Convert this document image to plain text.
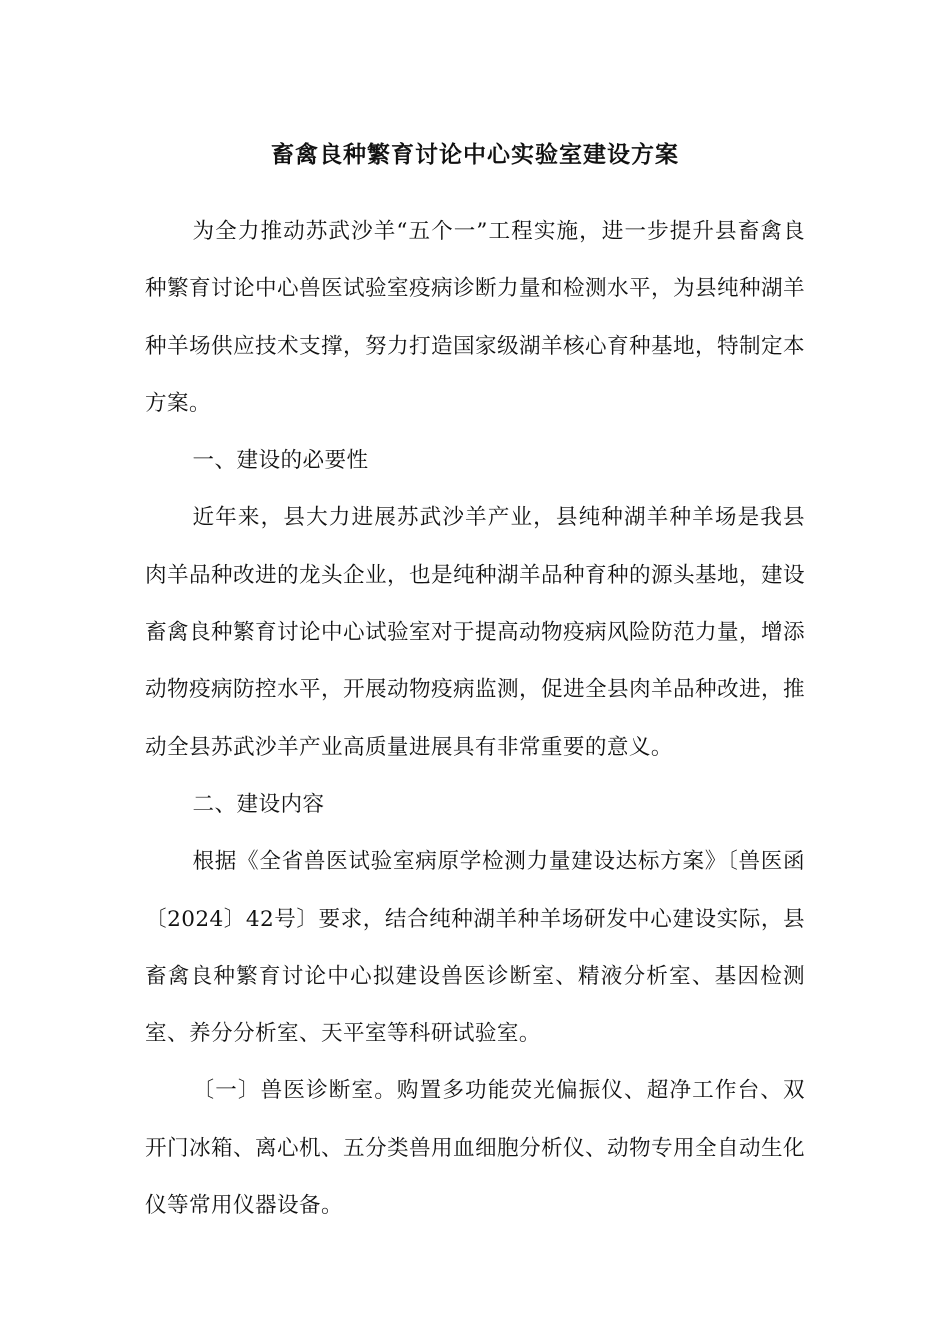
畜禽良种繁育讨论中心实验室建设方案

为全力推动苏武沙羊“五个一”工程实施，进一步提升县畜禽良种繁育讨论中心兽医试验室疫病诊断力量和检测水平，为县纯种湖羊种羊场供应技术支撑，努力打造国家级湖羊核心育种基地，特制定本方案。

一、建设的必要性

近年来，县大力进展苏武沙羊产业，县纯种湖羊种羊场是我县肉羊品种改进的龙头企业，也是纯种湖羊品种育种的源头基地，建设畜禽良种繁育讨论中心试验室对于提高动物疫病风险防范力量，增添动物疫病防控水平，开展动物疫病监测，促进全县肉羊品种改进，推动全县苏武沙羊产业高质量进展具有非常重要的意义。

二、建设内容

根据《全省兽医试验室病原学检测力量建设达标方案》〔兽医函〔2024〕42号〕要求，结合纯种湖羊种羊场研发中心建设实际，县畜禽良种繁育讨论中心拟建设兽医诊断室、精液分析室、基因检测室、养分分析室、天平室等科研试验室。

〔一〕兽医诊断室。购置多功能荧光偏振仪、超净工作台、双开门冰箱、离心机、五分类兽用血细胞分析仪、动物专用全自动生化仪等常用仪器设备。
